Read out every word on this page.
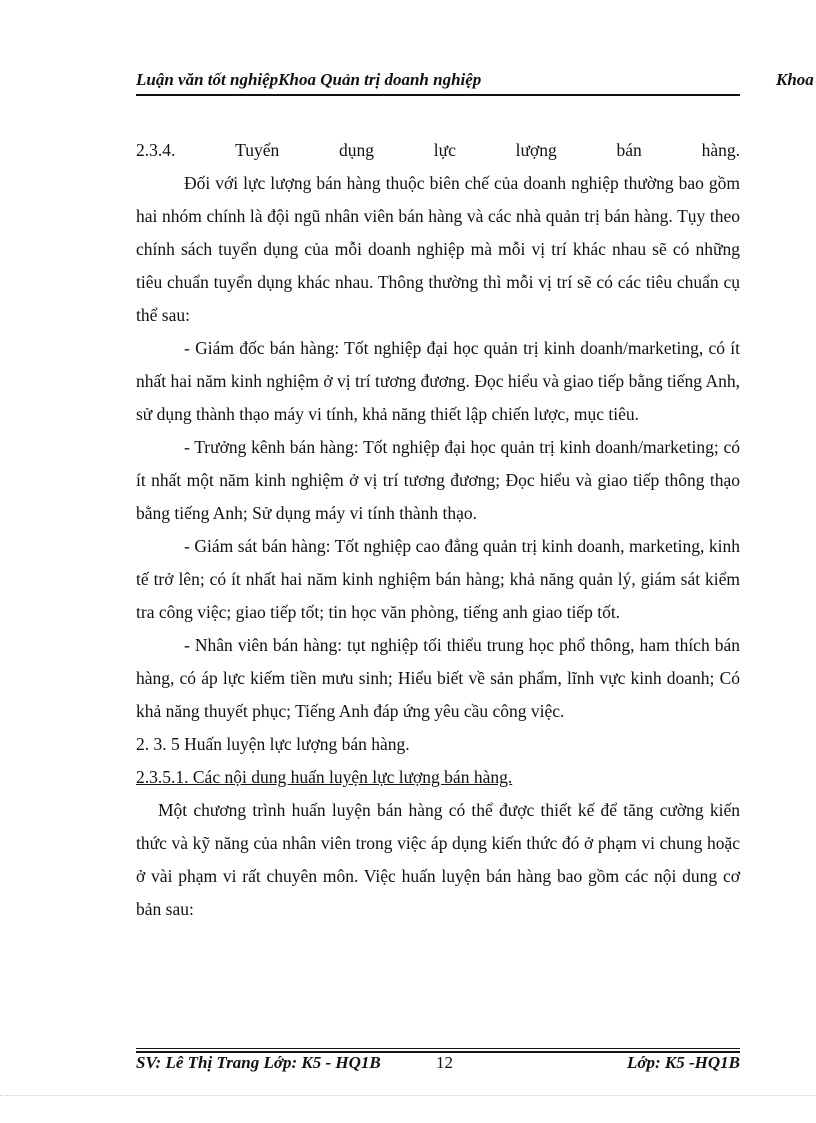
Luận văn tốt nghiệpKhoa Quản trị doanh nghiệp	Khoa
2.3.4.	Tuyển	dụng	lực	lượng	bán	hàng.

Đối với lực lượng bán hàng thuộc biên chế của doanh nghiệp thường bao gồm hai nhóm chính là đội ngũ nhân viên bán hàng và các nhà quản trị bán hàng. Tụy theo chính sách tuyển dụng của mỗi doanh nghiệp mà mỗi vị trí khác nhau sẽ có những tiêu chuẩn tuyển dụng khác nhau. Thông thường thì mỗi vị trí sẽ có các tiêu chuẩn cụ thể sau:

- Giám đốc bán hàng: Tốt nghiệp đại học quản trị kinh doanh/marketing, có ít nhất hai năm kinh nghiệm ở vị trí tương đương. Đọc hiểu và giao tiếp bằng tiếng Anh, sử dụng thành thạo máy vi tính, khả năng thiết lập chiến lược, mục tiêu.

- Trưởng kênh bán hàng: Tốt nghiệp đại học quản trị kinh doanh/marketing; có ít nhất một năm kinh nghiệm ở vị trí tương đương; Đọc hiểu và giao tiếp thông thạo bằng tiếng Anh; Sử dụng máy vi tính thành thạo.

- Giám sát bán hàng: Tốt nghiệp cao đẳng quản trị kinh doanh, marketing, kinh tế trở lên; có ít nhất hai năm kinh nghiệm bán hàng; khả năng quản lý, giám sát kiểm tra công việc; giao tiếp tốt; tin học văn phòng, tiếng anh giao tiếp tốt.

- Nhân viên bán hàng: tụt nghiệp tối thiểu trung học phổ thông, ham thích bán hàng, có áp lực kiếm tiền mưu sinh; Hiểu biết về sản phẩm, lĩnh vực kinh doanh; Có khả năng thuyết phục; Tiếng Anh đáp ứng yêu cầu công việc.

2. 3. 5 Huấn luyện lực lượng bán hàng.

2.3.5.1. Các nội dung huấn luyện lực lượng bán hàng.

Một chương trình huấn luyện bán hàng có thể được thiết kế để tăng cường kiến thức và kỹ năng của nhân viên trong việc áp dụng kiến thức đó ở phạm vi chung hoặc ở vài phạm vi rất chuyên môn. Việc huấn luyện bán hàng bao gồm các nội dung cơ bản sau:

SV: Lê Thị Trang Lớp: K5 - HQ1B	12	Lớp: K5 -HQ1B
